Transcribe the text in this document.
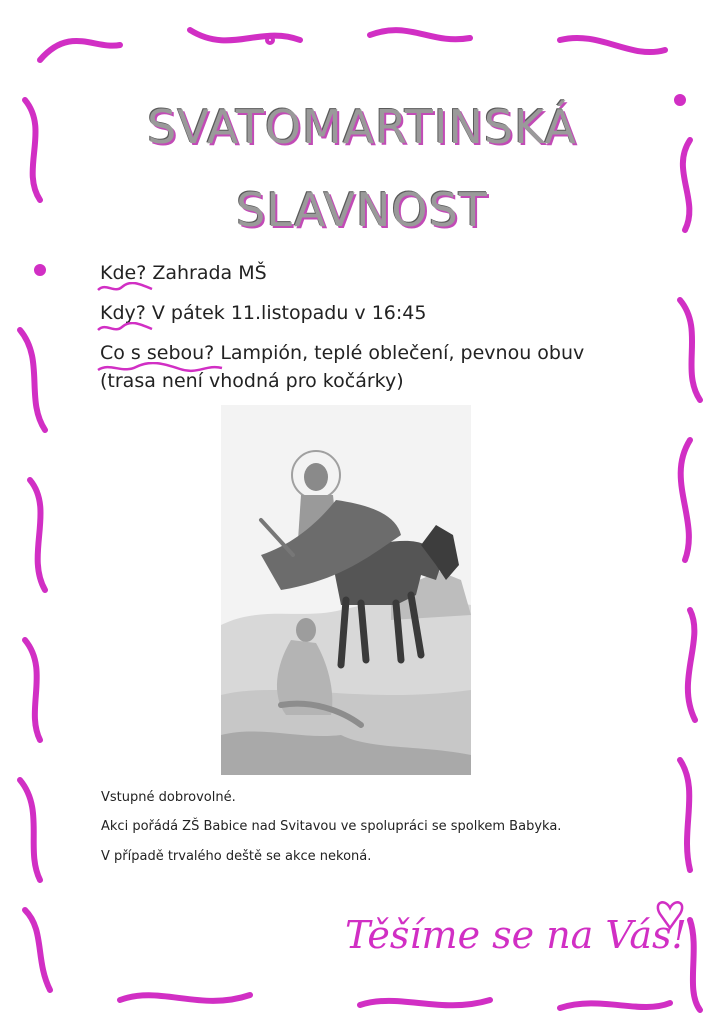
SVATOMARTINSKÁ
SLAVNOST
Kde? Zahrada MŠ
Kdy? V pátek 11.listopadu v 16:45
Co s sebou? Lampión, teplé oblečení, pevnou obuv
(trasa není vhodná pro kočárky)
Vstupné dobrovolné.
Akci pořádá ZŠ Babice nad Svitavou ve spolupráci se spolkem Babyka.
V případě trvalého deště se akce nekoná.
Těšíme se na Vás!
